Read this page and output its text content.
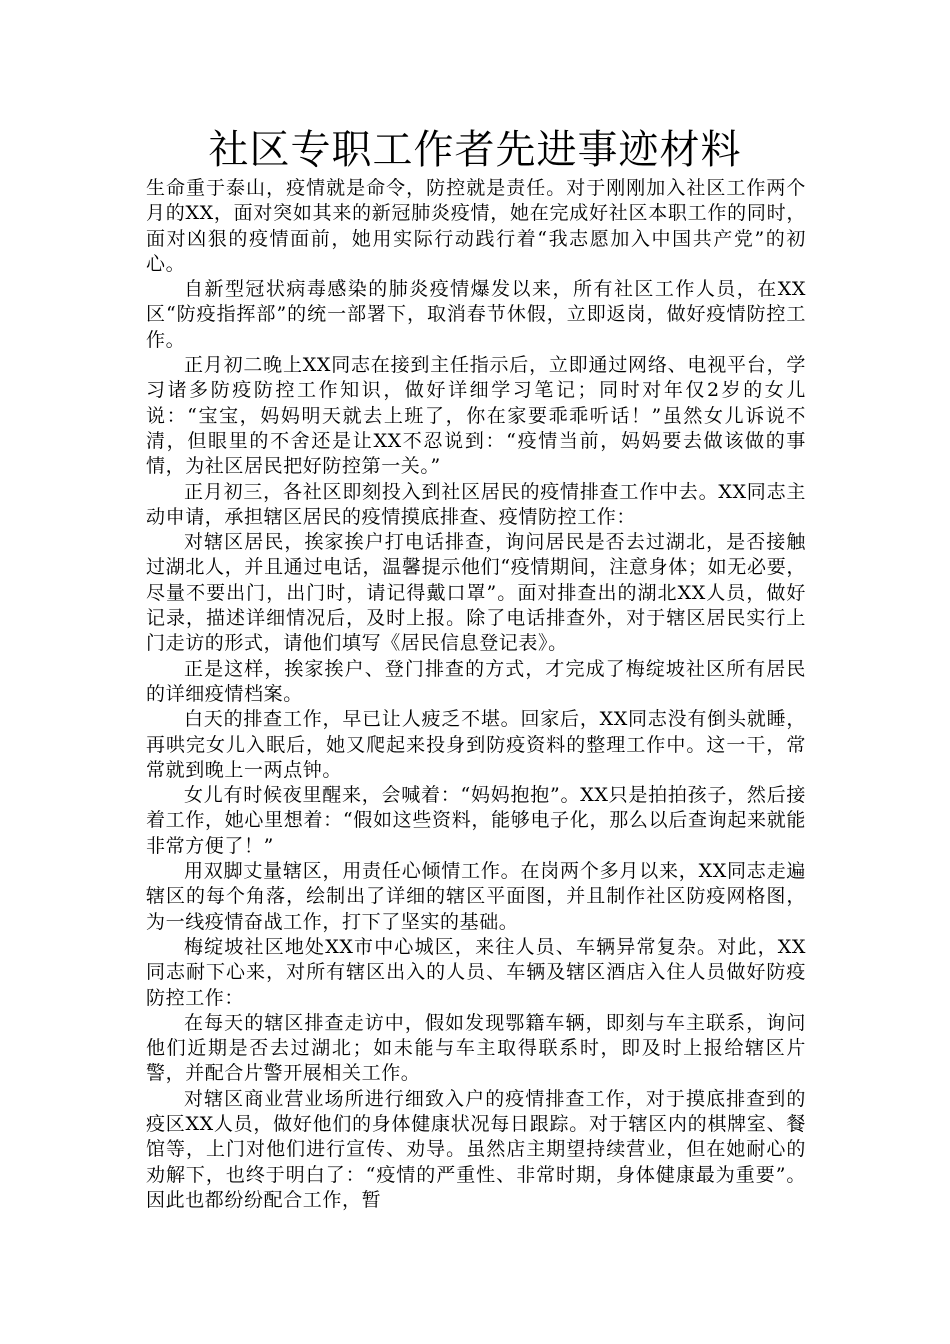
社区专职工作者先进事迹材料

生命重于泰山，疫情就是命令，防控就是责任。对于刚刚加入社区工作两个月的XX，面对突如其来的新冠肺炎疫情，她在完成好社区本职工作的同时，面对凶狠的疫情面前，她用实际行动践行着“我志愿加入中国共产党”的初心。

自新型冠状病毒感染的肺炎疫情爆发以来，所有社区工作人员，在XX区“防疫指挥部”的统一部署下，取消春节休假，立即返岗，做好疫情防控工作。

正月初二晚上XX同志在接到主任指示后，立即通过网络、电视平台，学习诸多防疫防控工作知识，做好详细学习笔记；同时对年仅2岁的女儿说：“宝宝，妈妈明天就去上班了，你在家要乖乖听话！”虽然女儿诉说不清，但眼里的不舍还是让XX不忍说到：“疫情当前，妈妈要去做该做的事情，为社区居民把好防控第一关。”

正月初三，各社区即刻投入到社区居民的疫情排查工作中去。XX同志主动申请，承担辖区居民的疫情摸底排查、疫情防控工作：

对辖区居民，挨家挨户打电话排查，询问居民是否去过湖北，是否接触过湖北人，并且通过电话，温馨提示他们“疫情期间，注意身体；如无必要，尽量不要出门，出门时，请记得戴口罩”。面对排查出的湖北XX人员，做好记录，描述详细情况后，及时上报。除了电话排查外，对于辖区居民实行上门走访的形式，请他们填写《居民信息登记表》。

正是这样，挨家挨户、登门排查的方式，才完成了梅绽坡社区所有居民的详细疫情档案。

白天的排查工作，早已让人疲乏不堪。回家后，XX同志没有倒头就睡，再哄完女儿入眠后，她又爬起来投身到防疫资料的整理工作中。这一干，常常就到晚上一两点钟。

女儿有时候夜里醒来，会喊着：“妈妈抱抱”。XX只是拍拍孩子，然后接着工作，她心里想着：“假如这些资料，能够电子化，那么以后查询起来就能非常方便了！”

用双脚丈量辖区，用责任心倾情工作。在岗两个多月以来，XX同志走遍辖区的每个角落，绘制出了详细的辖区平面图，并且制作社区防疫网格图，为一线疫情奋战工作，打下了坚实的基础。

梅绽坡社区地处XX市中心城区，来往人员、车辆异常复杂。对此，XX同志耐下心来，对所有辖区出入的人员、车辆及辖区酒店入住人员做好防疫防控工作：

在每天的辖区排查走访中，假如发现鄂籍车辆，即刻与车主联系，询问他们近期是否去过湖北；如未能与车主取得联系时，即及时上报给辖区片警，并配合片警开展相关工作。

对辖区商业营业场所进行细致入户的疫情排查工作，对于摸底排查到的疫区XX人员，做好他们的身体健康状况每日跟踪。对于辖区内的棋牌室、餐馆等，上门对他们进行宣传、劝导。虽然店主期望持续营业，但在她耐心的劝解下，也终于明白了：“疫情的严重性、非常时期，身体健康最为重要”。因此也都纷纷配合工作，暂
